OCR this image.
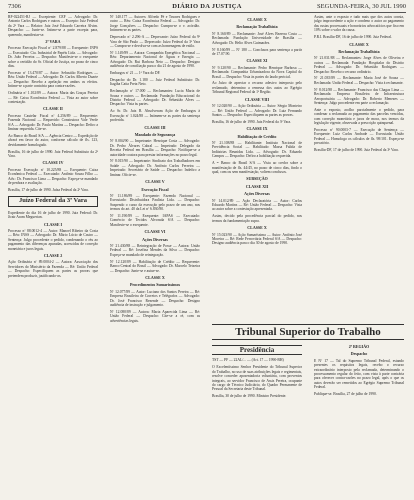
7306	DIÁRIO DA JUSTIÇA	SEGUNDA-FEIRA, 30 JUL 1990
RF-022451-RJ — Excepiente: CEF — Advogado: Dr. Antonio Carlos Rodrigues e outros — Excepto: Juiz Federal da 2ª Vara — Relator: Juiz José Eduardo Carreira Alvim. Despacho: — Junte-se. Intime-se a parte excepta para, querendo, manifestar-se.
2ª VARA
Processo Execução Fiscal nº 2.879/88 — Exequente: INPS — Executado: Cia. Industrial de Papéis Ltda. — Advogado: Dr. João Ferreira — Despacho: Manifeste-se o exequente sobre a certidão do Sr. Oficial de Justiça, no prazo de cinco dias.
Processo nº 13.470/87 — Autor: Sebastião Rodrigues — Réu: União Federal — Advogado: Dr. Carlos Alberto Duarte — Despacho: Recebo a apelação em ambos os efeitos. Intime-se a parte contrária para contra-razões.
Ordinária nº 1.102/89 — Autora: Maria das Graças Pereira — Ré: Caixa Econômica Federal — Vista ao autor sobre contestação.
CLASSE II
Processo Cautelar Fiscal nº 4.256/89 — Requerente: Fazenda Nacional — Requerido: Construtora Vale Verde S/A — Advogado: Dr. Paulo Martins — Despacho: Defiro a liminar requerida. Cite-se.
Ao Banco do Brasil S/A — Agência Centro — Expedição de alvará em favor do autor, conforme cálculo de fls. 123, devidamente homologado.
Brasília, 16 de julho de 1990. Juiz Federal Substituto da 2ª Vara.
CLASSE IV
Processo Execução nº 10.225/88 — Exequente: Caixa Econômica Federal — Executado: Antônio Souza Filho — Adv.: Dr. Francisco Lima — Despacho: Expeça-se mandado de penhora e avaliação.
Brasília, 17 de julho de 1990. Juíza Federal da 2ª Vara.
Juízo Federal da 3ª Vara
Expediente do dia 16 de julho de 1990. Juiz Federal: Dr. Jirair Aram Meguerian.
CLASSE I
Processo nº 88.0012-4 — Autor: Manoel Ribeiro da Costa — Réu: INSS — Advogado: Dr. Mário Lúcio de Castro — Sentença: Julgo procedente o pedido, condenando o réu ao pagamento das diferenças apuradas, acrescidas de correção monetária e juros legais.
CLASSE 2
Ação Ordinária nº 89.0004-2 — Autora: Associação dos Servidores do Ministério da Fazenda — Ré: União Federal — Despacho: Especifiquem as partes as provas que pretendem produzir, justificando-as.
Nº 140.177 — Autores: Alfredo Pé e Tavares Rodrigues e outro — Réu: Caixa Econômica Federal — Advogado: Dr. Jorge Gonçalves — Despacho: Cumpra-se o v. acórdão. Intimem-se as partes.
Deprecado nº 2.296-A — Deprecante: Juízo Federal da 9ª Vara de São Paulo — Deprecado: Juízo Federal da 3ª Vara — Cumpra-se e devolva-se com as homenagens de estilo.
Nº 1.149/89 — Autora: Companhia Energética Nacional — Réu: Departamento Nacional de Águas e Energia — Advogado: Dr. Rui Barbosa Neto — Despacho: Designo audiência de conciliação para o dia 21 de agosto de 1990.
Embargos nº 21 — 1ª Vara do DF.
Despacho do Dr. 1.180 — Juiz Federal Substituto: Dr. Itagiba Catta Preta Neto.
Reclamação nº 17.000 — Reclamantes: Lucia Maria de Souza e outros — Reclamada: Fundação Educacional do Distrito Federal — Advogado: Dr. Sebastião Alves — Despacho: Vista às partes.
Ao Sr. Dr. Juiz B. Absolveram Ação de Embargos à Execução nº 1.024/88 — Intimem-se as partes da sentença proferida.
CLASSE III
Mandado de Segurança
Nº 8.004/90 — Impetrante: Henrique Costa — Advogado: Dr. Pedro Álvares Cabral — Impetrado: Delegado da Receita Federal em Brasília — Despacho: Notifique-se a autoridade coatora para prestar informações no prazo legal.
Nº 8.015/90 — Impetrante: Sindicato dos Trabalhadores em Saúde — Advogado: Dr. Antônio Carlos Ferreira — Impetrado: Secretário de Saúde — Despacho: Indefiro a liminar. Oficie-se.
CLASSE V
Execução Fiscal
Nº 11.186/89 — Exequente: Fazenda Nacional — Executado: Distribuidora Paulista Ltda. — Despacho: Suspendo o curso da execução pelo prazo de um ano, nos termos do art. 40 da Lei nº 6.830/80.
Nº 11.190/89 — Exequente: IAPAS — Executado: Comércio de Tecidos Alvorada S/A — Despacho: Manifeste-se o exequente.
CLASSE VI
Ações Diversas
Nº 21.430/88 — Reintegração de Posse — Autora: União Federal — Ré: Josefina Mendes da Silva — Despacho: Expeça-se mandado de reintegração.
Nº 12.120/89 — Habilitação de Crédito — Requerente: Banco Central do Brasil — Advogado: Dr. Marcelo Teixeira — Despacho: Junte-se e autue-se.
CLASSE X
Procedimentos Sumaríssimos
Nº 12.077/89 — Autor: Luciano dos Santos Pereira — Ré: Empresa Brasileira de Correios e Telégrafos — Advogado: Dr. José Francisco Rezende — Despacho: Designo audiência de instrução e julgamento.
Nº 12.080/89 — Autora: Maria Aparecida Lima — Ré: União Federal — Despacho: Cite-se a ré, com as advertências legais.
CLASSE X
Reclamação Trabalhista
Nº 8.160/89 — Reclamante: José Alves Bezerra Costa — Reclamada: Fundação Universidade de Brasília — Advogado: Dr. Helio Alves Guimarães.
Nº 8.160/89 — Nº 180 — Conclusos para sentença a partir de 17.07.90.
CLASSE XI
Nº 9.120/90 — Reclamante: Pedro Henrique Barbosa — Reclamada: Companhia Urbanizadora da Nova Capital do Brasil — Despacho: Vista às partes do laudo pericial.
Ao Juízo de apreciar o recurso adesivo interposto pelo reclamado, determino a remessa dos autos ao Egrégio Tribunal Regional Federal da 1ª Região.
CLASSE VIII
Nº 12.020/90 — Ação Ordinária — Autor: Sérgio Monteiro — Ré: União Federal — Advogado: Dr. Luiz Fernando Santos — Despacho: Especifiquem as partes as provas.
Brasília, 16 de julho de 1990. Juiz Federal da 3ª Vara.
CLASSE IX
Habilitação de Crédito
Nº 21.108/88 — Habilitante: Instituto Nacional de Previdência Social — Habilitado: Massa Falida de Indústrias Reunidas Ltda. — Advogado: Dr. Eduardo Campos — Despacho: Defiro a habilitação requerida.
A = Banco do Brasil S/A — Vista ao credor sobre a manifestação de fls. 44/45, no prazo de cinco dias, findo o qual, com ou sem manifestação, voltem conclusos.
SUBSEÇÃO
CLASSE XII
Ações Diversas
Nº 14.012/89 — Ação Declaratória — Autor: Carlos Eduardo Martins — Ré: União Federal — Despacho: Vista ao autor sobre a contestação apresentada.
Assim, decido pela procedência parcial do pedido, nos termos da fundamentação supra.
CLASSE X
Nº 15.023/90 — Ação Sumaríssima — Autor: Antônio José Moreira — Ré: Rede Ferroviária Federal S/A — Despacho: Designo audiência para o dia 30 de agosto de 1990.
Assim, ante o exposto e tudo mais que dos autos consta, julgo improcedente a ação e condeno o autor ao pagamento das custas processuais e honorários advocatícios que fixo em 10% sobre o valor da causa.
P.R.I. Brasília-DF, 16 de julho de 1990. Juiz Federal.
CLASSE X
Reclamação Trabalhista
Nº 21.031/88 — Reclamantes: Jorge Alves de Oliveira e outros — Reclamada: Fundação Hospitalar do Distrito Federal — Advogado: Dr. Sebastião Rodrigues — Despacho: Recebo o recurso ordinário.
Nº 21.035/89 — Reclamante: Maria José de Souza — Reclamada: União Federal — Despacho: Vista à reclamante.
Nº 8.012/88 — Reclamante: Francisco das Chagas Lima — Reclamada: Empresa Brasileira de Infraestrutura Aeroportuária — Advogado: Dr. Roberto Menezes — Sentença: Julgo procedente em parte a reclamação.
Ante o exposto, acolho parcialmente o pedido, para condenar a reclamada ao pagamento das parcelas vencidas, com correção monetária e juros de mora, nos termos da legislação vigente, observada a prescrição quinquenal.
Processo nº 90.0003-7 — Execução de Sentença — Exequente: Luiz Carlos Andrade — Executada: União Federal — Homologo os cálculos de fls. 98/101. Expeça-se precatório.
Brasília-DF, 17 de julho de 1990. Juiz Federal da 3ª Vara.
Tribunal Superior do Trabalho
Presidência
TST — PF — 22AL/... — (Art. 17 — 1990-BH)
O Excelentíssimo Senhor Presidente do Tribunal Superior do Trabalho, no uso de suas atribuições legais e regimentais, resolve conceder aposentadoria voluntária, com proventos integrais, ao servidor Francisco de Assis Pereira, ocupante do cargo de Técnico Judiciário, do Quadro Permanente de Pessoal da Secretaria deste Tribunal.
Brasília, 30 de julho de 1990. Ministro Presidente.
2ª REGIÃO
Despacho
E Nº 17 — Tal do Supremo Tribunal Federal, estando presentes os requisitos legais, recebo o recurso extraordinário interposto pela reclamada, determinando o processamento regular do feito, com vista à parte contrária para oferecer contra-razões no prazo legal, após o que os autos deverão ser remetidos ao Egrégio Supremo Tribunal Federal.
Publique-se. Brasília, 27 de julho de 1990.
